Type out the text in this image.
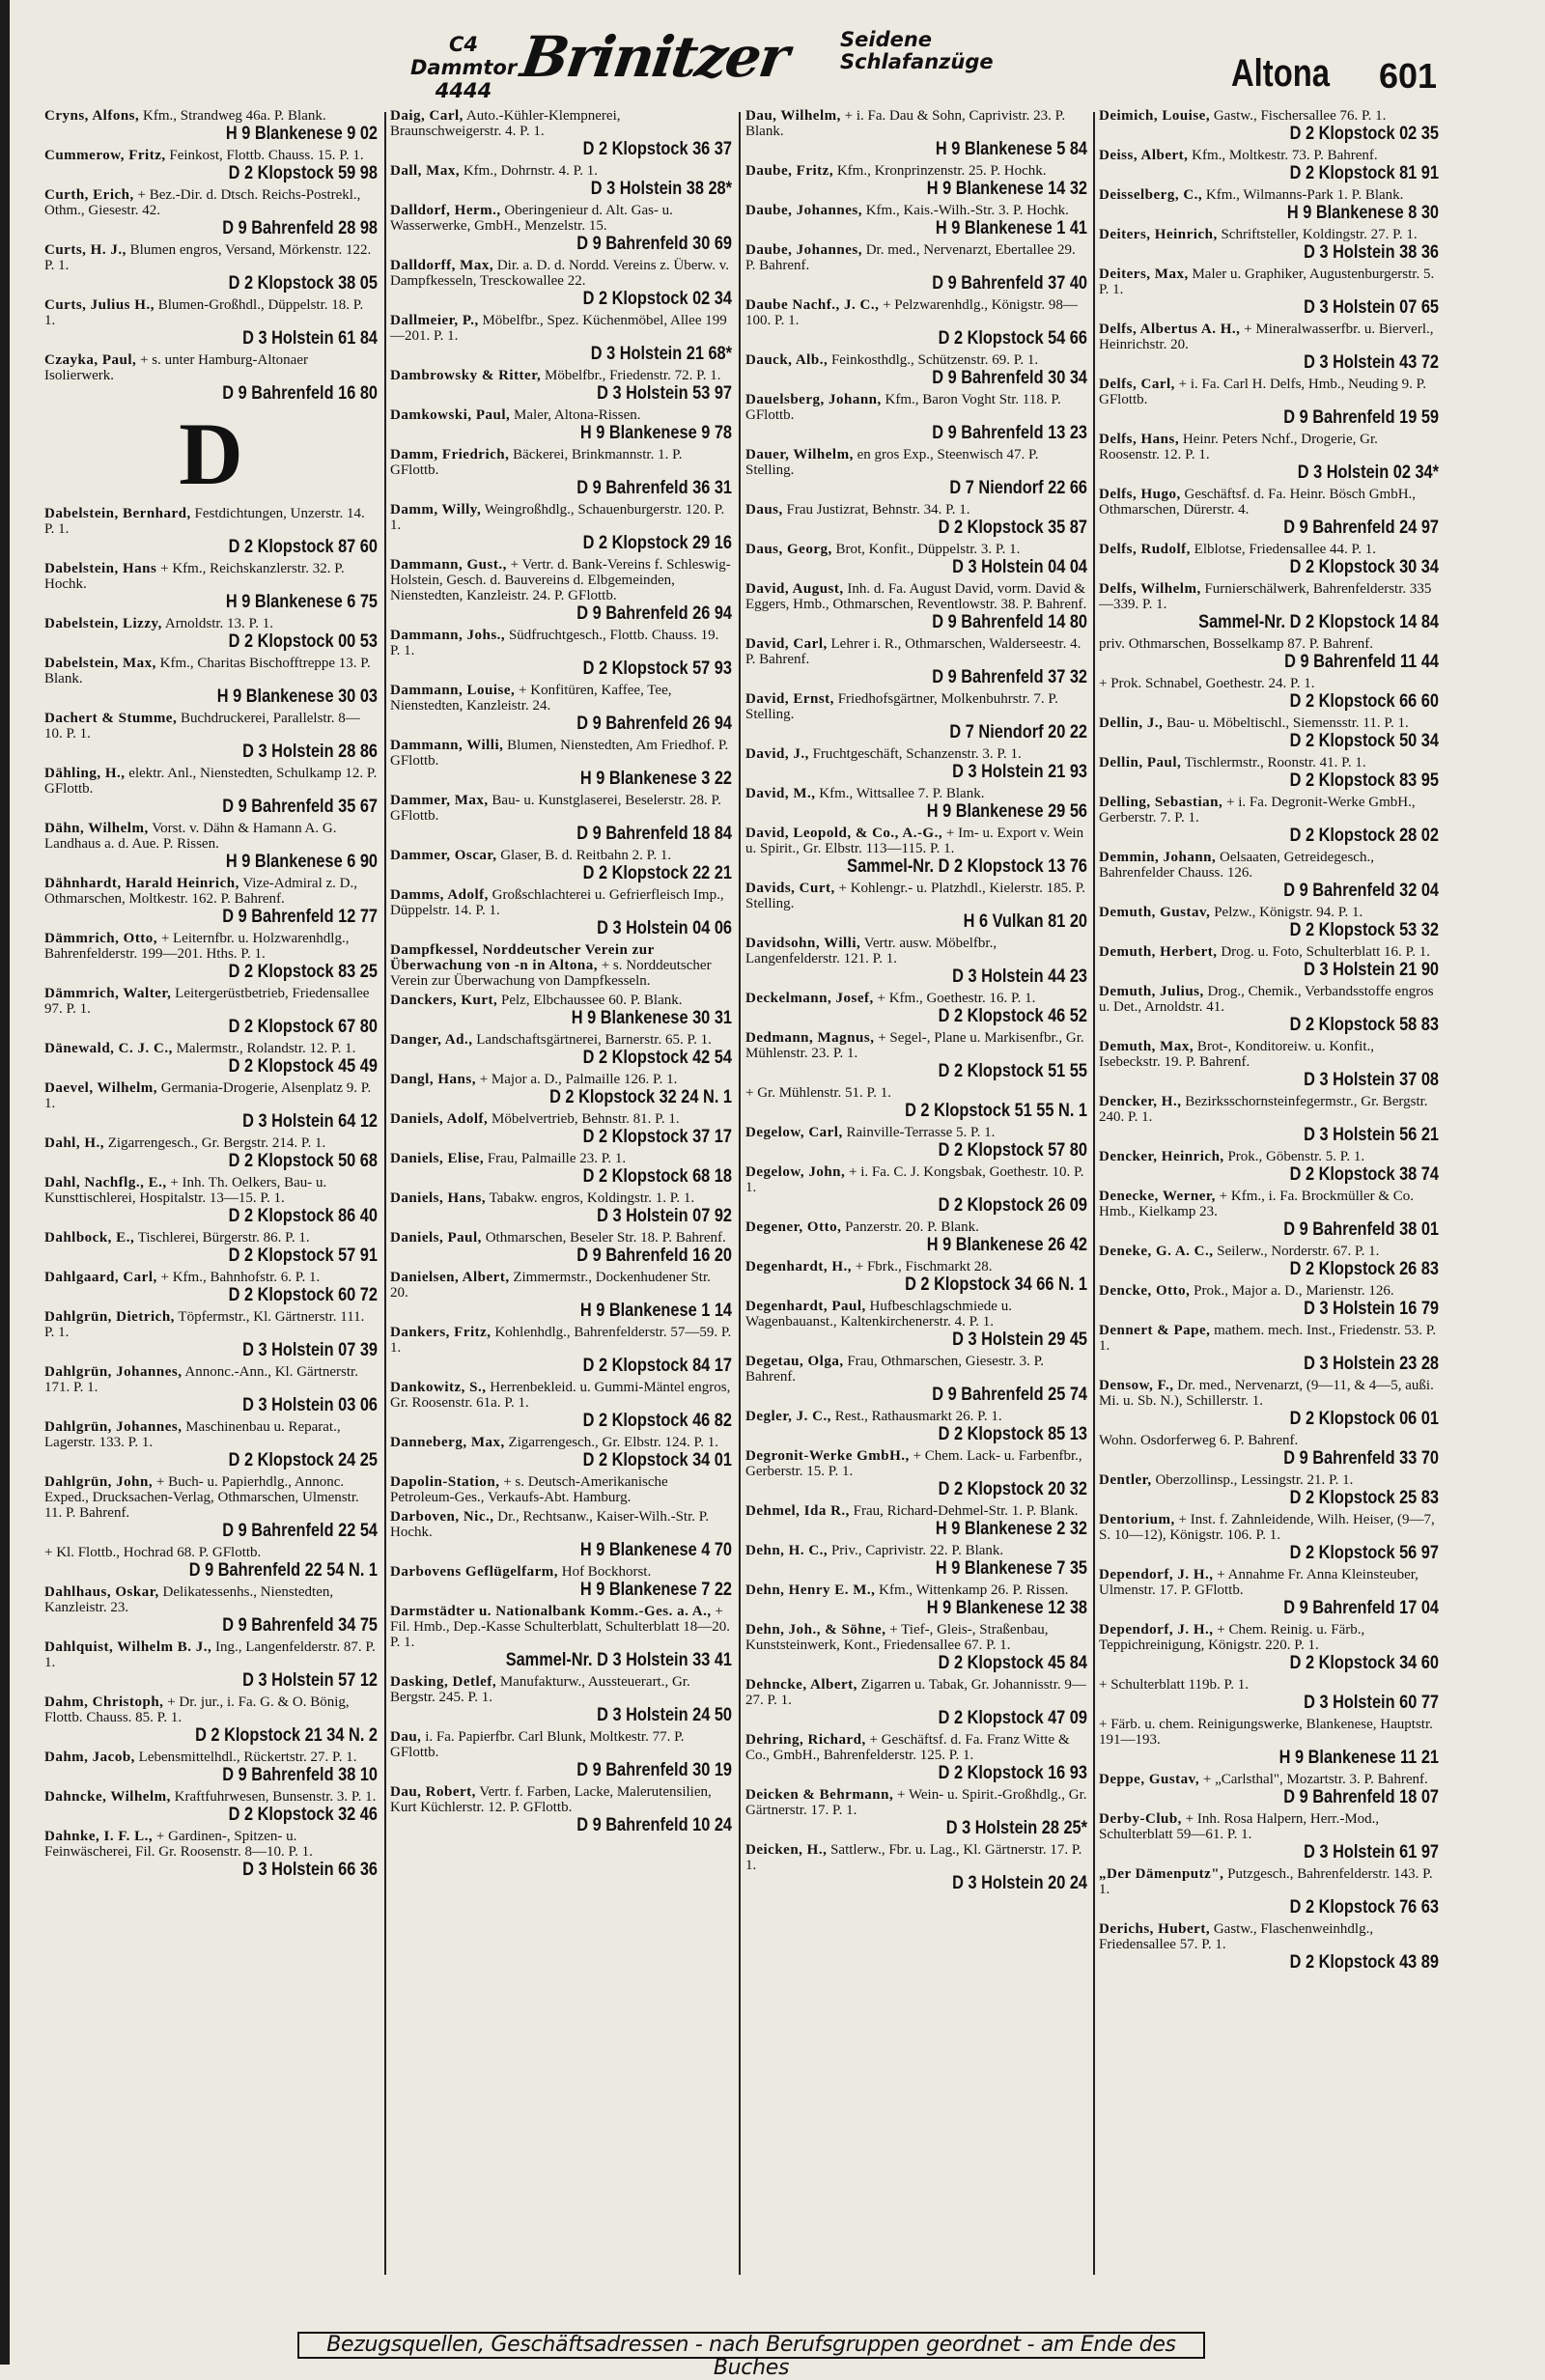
C4 Dammtor
4444
Brinitzer Seidene
Schlafanzüge	Altona 601
Cryns, Alfons, Kfm., Strandweg 46a. P. Blank.
H 9 Blankenese 9 02
Cummerow, Fritz, Feinkost, Flottb. Chauss. 15. P. 1.
D 2 Klopstock 59 98
Curth, Erich, + Bez.-Dir. d. Dtsch. Reichs-Postrekl., Othm., Giesestr. 42.
D 9 Bahrenfeld 28 98
Curts, H. J., Blumen engros, Versand, Mörkenstr. 122. P. 1.
D 2 Klopstock 38 05
Curts, Julius H., Blumen-Großhdl., Düppelstr. 18. P. 1.
D 3 Holstein 61 84
Czayka, Paul, + s. unter Hamburg-Altonaer Isolierwerk.
D 9 Bahrenfeld 16 80
D
Dabelstein, Bernhard, Festdichtungen, Unzerstr. 14. P. 1.
D 2 Klopstock 87 60
Dabelstein, Hans + Kfm., Reichskanzlerstr. 32. P. Hochk.
H 9 Blankenese 6 75
Dabelstein, Lizzy, Arnoldstr. 13. P. 1.
D 2 Klopstock 00 53
Dabelstein, Max, Kfm., Charitas Bischofftreppe 13. P. Blank.
H 9 Blankenese 30 03
Dachert & Stumme, Buchdruckerei, Parallelstr. 8—10. P. 1.
D 3 Holstein 28 86
Dähling, H., elektr. Anl., Nienstedten, Schulkamp 12. P. GFlottb.
D 9 Bahrenfeld 35 67
Dähn, Wilhelm, Vorst. v. Dähn & Hamann A. G. Landhaus a. d. Aue. P. Rissen.
H 9 Blankenese 6 90
Dähnhardt, Harald Heinrich, Vize-Admiral z. D., Othmarschen, Moltkestr. 162. P. Bahrenf.
D 9 Bahrenfeld 12 77
Dämmrich, Otto, + Leiternfbr. u. Holzwarenhdlg., Bahrenfelderstr. 199—201. Hths. P. 1.
D 2 Klopstock 83 25
Dämmrich, Walter, Leitergerüstbetrieb, Friedensallee 97. P. 1.
D 2 Klopstock 67 80
Dänewald, C. J. C., Malermstr., Rolandstr. 12. P. 1.
D 2 Klopstock 45 49
Daevel, Wilhelm, Germania-Drogerie, Alsenplatz 9. P. 1.
D 3 Holstein 64 12
Dahl, H., Zigarrengesch., Gr. Bergstr. 214. P. 1.
D 2 Klopstock 50 68
Dahl, Nachflg., E., + Inh. Th. Oelkers, Bau- u. Kunsttischlerei, Hospitalstr. 13—15. P. 1.
D 2 Klopstock 86 40
Dahlbock, E., Tischlerei, Bürgerstr. 86. P. 1.
D 2 Klopstock 57 91
Dahlgaard, Carl, + Kfm., Bahnhofstr. 6. P. 1.
D 2 Klopstock 60 72
Dahlgrün, Dietrich, Töpfermstr., Kl. Gärtnerstr. 111. P. 1.
D 3 Holstein 07 39
Dahlgrün, Johannes, Annonc.-Ann., Kl. Gärtnerstr. 171. P. 1.
D 3 Holstein 03 06
Dahlgrün, Johannes, Maschinenbau u. Reparat., Lagerstr. 133. P. 1.
D 2 Klopstock 24 25
Dahlgrün, John, + Buch- u. Papierhdlg., Annonc. Exped., Drucksachen-Verlag, Othmarschen, Ulmenstr. 11. P. Bahrenf.
D 9 Bahrenfeld 22 54
+ Kl. Flottb., Hochrad 68. P. GFlottb.
D 9 Bahrenfeld 22 54 N. 1
Dahlhaus, Oskar, Delikatessenhs., Nienstedten, Kanzleistr. 23.
D 9 Bahrenfeld 34 75
Dahlquist, Wilhelm B. J., Ing., Langenfelderstr. 87. P. 1.
D 3 Holstein 57 12
Dahm, Christoph, + Dr. jur., i. Fa. G. & O. Bönig, Flottb. Chauss. 85. P. 1.
D 2 Klopstock 21 34 N. 2
Dahm, Jacob, Lebensmittelhdl., Rückertstr. 27. P. 1.
D 9 Bahrenfeld 38 10
Dahncke, Wilhelm, Kraftfuhrwesen, Bunsenstr. 3. P. 1.
D 2 Klopstock 32 46
Dahnke, I. F. L., + Gardinen-, Spitzen- u. Feinwäscherei, Fil. Gr. Roosenstr. 8—10. P. 1.
D 3 Holstein 66 36
Daig, Carl, Auto.-Kühler-Klempnerei, Braunschweigerstr. 4. P. 1.
D 2 Klopstock 36 37
Dall, Max, Kfm., Dohrnstr. 4. P. 1.
D 3 Holstein 38 28*
Dalldorf, Herm., Oberingenieur d. Alt. Gas- u. Wasserwerke, GmbH., Menzelstr. 15.
D 9 Bahrenfeld 30 69
Dalldorff, Max, Dir. a. D. d. Nordd. Vereins z. Überw. v. Dampfkesseln, Tresckowallee 22.
D 2 Klopstock 02 34
Dallmeier, P., Möbelfbr., Spez. Küchenmöbel, Allee 199—201. P. 1.
D 3 Holstein 21 68*
Dambrowsky & Ritter, Möbelfbr., Friedenstr. 72. P. 1.
D 3 Holstein 53 97
Damkowski, Paul, Maler, Altona-Rissen.
H 9 Blankenese 9 78
Damm, Friedrich, Bäckerei, Brinkmannstr. 1. P. GFlottb.
D 9 Bahrenfeld 36 31
Damm, Willy, Weingroßhdlg., Schauenburgerstr. 120. P. 1.
D 2 Klopstock 29 16
Dammann, Gust., + Vertr. d. Bank-Vereins f. Schleswig-Holstein, Gesch. d. Bauvereins d. Elbgemeinden, Nienstedten, Kanzleistr. 24. P. GFlottb.
D 9 Bahrenfeld 26 94
Dammann, Johs., Südfruchtgesch., Flottb. Chauss. 19. P. 1.
D 2 Klopstock 57 93
Dammann, Louise, + Konfitüren, Kaffee, Tee, Nienstedten, Kanzleistr. 24.
D 9 Bahrenfeld 26 94
Dammann, Willi, Blumen, Nienstedten, Am Friedhof. P. GFlottb.
H 9 Blankenese 3 22
Dammer, Max, Bau- u. Kunstglaserei, Beselerstr. 28. P. GFlottb.
D 9 Bahrenfeld 18 84
Dammer, Oscar, Glaser, B. d. Reitbahn 2. P. 1.
D 2 Klopstock 22 21
Damms, Adolf, Großschlachterei u. Gefrierfleisch Imp., Düppelstr. 14. P. 1.
D 3 Holstein 04 06
Dampfkessel, Norddeutscher Verein zur Überwachung von -n in Altona, + s. Norddeutscher Verein zur Überwachung von Dampfkesseln.
Danckers, Kurt, Pelz, Elbchaussee 60. P. Blank.
H 9 Blankenese 30 31
Danger, Ad., Landschaftsgärtnerei, Barnerstr. 65. P. 1.
D 2 Klopstock 42 54
Dangl, Hans, + Major a. D., Palmaille 126. P. 1.
D 2 Klopstock 32 24 N. 1
Daniels, Adolf, Möbelvertrieb, Behnstr. 81. P. 1.
D 2 Klopstock 37 17
Daniels, Elise, Frau, Palmaille 23. P. 1.
D 2 Klopstock 68 18
Daniels, Hans, Tabakw. engros, Koldingstr. 1. P. 1.
D 3 Holstein 07 92
Daniels, Paul, Othmarschen, Beseler Str. 18. P. Bahrenf.
D 9 Bahrenfeld 16 20
Danielsen, Albert, Zimmermstr., Dockenhudener Str. 20.
H 9 Blankenese 1 14
Dankers, Fritz, Kohlenhdlg., Bahrenfelderstr. 57—59. P. 1.
D 2 Klopstock 84 17
Dankowitz, S., Herrenbekleid. u. Gummi-Mäntel engros, Gr. Roosenstr. 61a. P. 1.
D 2 Klopstock 46 82
Danneberg, Max, Zigarrengesch., Gr. Elbstr. 124. P. 1.
D 2 Klopstock 34 01
Dapolin-Station, + s. Deutsch-Amerikanische Petroleum-Ges., Verkaufs-Abt. Hamburg.
Darboven, Nic., Dr., Rechtsanw., Kaiser-Wilh.-Str. P. Hochk.
H 9 Blankenese 4 70
Darbovens Geflügelfarm, Hof Bockhorst.
H 9 Blankenese 7 22
Darmstädter u. Nationalbank Komm.-Ges. a. A., + Fil. Hmb., Dep.-Kasse Schulterblatt, Schulterblatt 18—20. P. 1.
Sammel-Nr. D 3 Holstein 33 41
Dasking, Detlef, Manufakturw., Aussteuerart., Gr. Bergstr. 245. P. 1.
D 3 Holstein 24 50
Dau, i. Fa. Papierfbr. Carl Blunk, Moltkestr. 77. P. GFlottb.
D 9 Bahrenfeld 30 19
Dau, Robert, Vertr. f. Farben, Lacke, Malerutensilien, Kurt Küchlerstr. 12. P. GFlottb.
D 9 Bahrenfeld 10 24
Dau, Wilhelm, + i. Fa. Dau & Sohn, Caprivistr. 23. P. Blank.
H 9 Blankenese 5 84
Daube, Fritz, Kfm., Kronprinzenstr. 25. P. Hochk.
H 9 Blankenese 14 32
Daube, Johannes, Kfm., Kais.-Wilh.-Str. 3. P. Hochk.
H 9 Blankenese 1 41
Daube, Johannes, Dr. med., Nervenarzt, Ebertallee 29. P. Bahrenf.
D 9 Bahrenfeld 37 40
Daube Nachf., J. C., + Pelzwarenhdlg., Königstr. 98—100. P. 1.
D 2 Klopstock 54 66
Dauck, Alb., Feinkosthdlg., Schützenstr. 69. P. 1.
D 9 Bahrenfeld 30 34
Dauelsberg, Johann, Kfm., Baron Voght Str. 118. P. GFlottb.
D 9 Bahrenfeld 13 23
Dauer, Wilhelm, en gros Exp., Steenwisch 47. P. Stelling.
D 7 Niendorf 22 66
Daus, Frau Justizrat, Behnstr. 34. P. 1.
D 2 Klopstock 35 87
Daus, Georg, Brot, Konfit., Düppelstr. 3. P. 1.
D 3 Holstein 04 04
David, August, Inh. d. Fa. August David, vorm. David & Eggers, Hmb., Othmarschen, Reventlowstr. 38. P. Bahrenf.
D 9 Bahrenfeld 14 80
David, Carl, Lehrer i. R., Othmarschen, Walderseestr. 4. P. Bahrenf.
D 9 Bahrenfeld 37 32
David, Ernst, Friedhofsgärtner, Molkenbuhrstr. 7. P. Stelling.
D 7 Niendorf 20 22
David, J., Fruchtgeschäft, Schanzenstr. 3. P. 1.
D 3 Holstein 21 93
David, M., Kfm., Wittsallee 7. P. Blank.
H 9 Blankenese 29 56
David, Leopold, & Co., A.-G., + Im- u. Export v. Wein u. Spirit., Gr. Elbstr. 113—115. P. 1.
Sammel-Nr. D 2 Klopstock 13 76
Davids, Curt, + Kohlengr.- u. Platzhdl., Kielerstr. 185. P. Stelling.
H 6 Vulkan 81 20
Davidsohn, Willi, Vertr. ausw. Möbelfbr., Langenfelderstr. 121. P. 1.
D 3 Holstein 44 23
Deckelmann, Josef, + Kfm., Goethestr. 16. P. 1.
D 2 Klopstock 46 52
Dedmann, Magnus, + Segel-, Plane u. Markisenfbr., Gr. Mühlenstr. 23. P. 1.
D 2 Klopstock 51 55
+ Gr. Mühlenstr. 51. P. 1.
D 2 Klopstock 51 55 N. 1
Degelow, Carl, Rainville-Terrasse 5. P. 1.
D 2 Klopstock 57 80
Degelow, John, + i. Fa. C. J. Kongsbak, Goethestr. 10. P. 1.
D 2 Klopstock 26 09
Degener, Otto, Panzerstr. 20. P. Blank.
H 9 Blankenese 26 42
Degenhardt, H., + Fbrk., Fischmarkt 28.
D 2 Klopstock 34 66 N. 1
Degenhardt, Paul, Hufbeschlagschmiede u. Wagenbauanst., Kaltenkirchenerstr. 4. P. 1.
D 3 Holstein 29 45
Degetau, Olga, Frau, Othmarschen, Giesestr. 3. P. Bahrenf.
D 9 Bahrenfeld 25 74
Degler, J. C., Rest., Rathausmarkt 26. P. 1.
D 2 Klopstock 85 13
Degronit-Werke GmbH., + Chem. Lack- u. Farbenfbr., Gerberstr. 15. P. 1.
D 2 Klopstock 20 32
Dehmel, Ida R., Frau, Richard-Dehmel-Str. 1. P. Blank.
H 9 Blankenese 2 32
Dehn, H. C., Priv., Caprivistr. 22. P. Blank.
H 9 Blankenese 7 35
Dehn, Henry E. M., Kfm., Wittenkamp 26. P. Rissen.
H 9 Blankenese 12 38
Dehn, Joh., & Söhne, + Tief-, Gleis-, Straßenbau, Kunststeinwerk, Kont., Friedensallee 67. P. 1.
D 2 Klopstock 45 84
Dehncke, Albert, Zigarren u. Tabak, Gr. Johannisstr. 9—27. P. 1.
D 2 Klopstock 47 09
Dehring, Richard, + Geschäftsf. d. Fa. Franz Witte & Co., GmbH., Bahrenfelderstr. 125. P. 1.
D 2 Klopstock 16 93
Deicken & Behrmann, + Wein- u. Spirit.-Großhdlg., Gr. Gärtnerstr. 17. P. 1.
D 3 Holstein 28 25*
Deicken, H., Sattlerw., Fbr. u. Lag., Kl. Gärtnerstr. 17. P. 1.
D 3 Holstein 20 24
Deimich, Louise, Gastw., Fischersallee 76. P. 1.
D 2 Klopstock 02 35
Deiss, Albert, Kfm., Moltkestr. 73. P. Bahrenf.
D 2 Klopstock 81 91
Deisselberg, C., Kfm., Wilmanns-Park 1. P. Blank.
H 9 Blankenese 8 30
Deiters, Heinrich, Schriftsteller, Koldingstr. 27. P. 1.
D 3 Holstein 38 36
Deiters, Max, Maler u. Graphiker, Augustenburgerstr. 5. P. 1.
D 3 Holstein 07 65
Delfs, Albertus A. H., + Mineralwasserfbr. u. Bierverl., Heinrichstr. 20.
D 3 Holstein 43 72
Delfs, Carl, + i. Fa. Carl H. Delfs, Hmb., Neuding 9. P. GFlottb.
D 9 Bahrenfeld 19 59
Delfs, Hans, Heinr. Peters Nchf., Drogerie, Gr. Roosenstr. 12. P. 1.
D 3 Holstein 02 34*
Delfs, Hugo, Geschäftsf. d. Fa. Heinr. Bösch GmbH., Othmarschen, Dürerstr. 4.
D 9 Bahrenfeld 24 97
Delfs, Rudolf, Elblotse, Friedensallee 44. P. 1.
D 2 Klopstock 30 34
Delfs, Wilhelm, Furnierschälwerk, Bahrenfelderstr. 335—339. P. 1.
Sammel-Nr. D 2 Klopstock 14 84
priv. Othmarschen, Bosselkamp 87. P. Bahrenf.
D 9 Bahrenfeld 11 44
+ Prok. Schnabel, Goethestr. 24. P. 1.
D 2 Klopstock 66 60
Dellin, J., Bau- u. Möbeltischl., Siemensstr. 11. P. 1.
D 2 Klopstock 50 34
Dellin, Paul, Tischlermstr., Roonstr. 41. P. 1.
D 2 Klopstock 83 95
Delling, Sebastian, + i. Fa. Degronit-Werke GmbH., Gerberstr. 7. P. 1.
D 2 Klopstock 28 02
Demmin, Johann, Oelsaaten, Getreidegesch., Bahrenfelder Chauss. 126.
D 9 Bahrenfeld 32 04
Demuth, Gustav, Pelzw., Königstr. 94. P. 1.
D 2 Klopstock 53 32
Demuth, Herbert, Drog. u. Foto, Schulterblatt 16. P. 1.
D 3 Holstein 21 90
Demuth, Julius, Drog., Chemik., Verbandsstoffe engros u. Det., Arnoldstr. 41.
D 2 Klopstock 58 83
Demuth, Max, Brot-, Konditoreiw. u. Konfit., Isebeckstr. 19. P. Bahrenf.
D 3 Holstein 37 08
Dencker, H., Bezirksschornsteinfegermstr., Gr. Bergstr. 240. P. 1.
D 3 Holstein 56 21
Dencker, Heinrich, Prok., Göbenstr. 5. P. 1.
D 2 Klopstock 38 74
Denecke, Werner, + Kfm., i. Fa. Brockmüller & Co. Hmb., Kielkamp 23.
D 9 Bahrenfeld 38 01
Deneke, G. A. C., Seilerw., Norderstr. 67. P. 1.
D 2 Klopstock 26 83
Dencke, Otto, Prok., Major a. D., Marienstr. 126.
D 3 Holstein 16 79
Dennert & Pape, mathem. mech. Inst., Friedenstr. 53. P. 1.
D 3 Holstein 23 28
Densow, F., Dr. med., Nervenarzt, (9—11, & 4—5, außi. Mi. u. Sb. N.), Schillerstr. 1.
D 2 Klopstock 06 01
Wohn. Osdorferweg 6. P. Bahrenf.
D 9 Bahrenfeld 33 70
Dentler, Oberzollinsp., Lessingstr. 21. P. 1.
D 2 Klopstock 25 83
Dentorium, + Inst. f. Zahnleidende, Wilh. Heiser, (9—7, S. 10—12), Königstr. 106. P. 1.
D 2 Klopstock 56 97
Dependorf, J. H., + Annahme Fr. Anna Kleinsteuber, Ulmenstr. 17. P. GFlottb.
D 9 Bahrenfeld 17 04
Dependorf, J. H., + Chem. Reinig. u. Färb., Teppichreinigung, Königstr. 220. P. 1.
D 2 Klopstock 34 60
+ Schulterblatt 119b. P. 1.
D 3 Holstein 60 77
+ Färb. u. chem. Reinigungswerke, Blankenese, Hauptstr. 191—193.
H 9 Blankenese 11 21
Deppe, Gustav, + „Carlsthal", Mozartstr. 3. P. Bahrenf.
D 9 Bahrenfeld 18 07
Derby-Club, + Inh. Rosa Halpern, Herr.-Mod., Schulterblatt 59—61. P. 1.
D 3 Holstein 61 97
„Der Dämenputz", Putzgesch., Bahrenfelderstr. 143. P. 1.
D 2 Klopstock 76 63
Derichs, Hubert, Gastw., Flaschenweinhdlg., Friedensallee 57. P. 1.
D 2 Klopstock 43 89
Bezugsquellen, Geschäftsadressen - nach Berufsgruppen geordnet - am Ende des Buches
